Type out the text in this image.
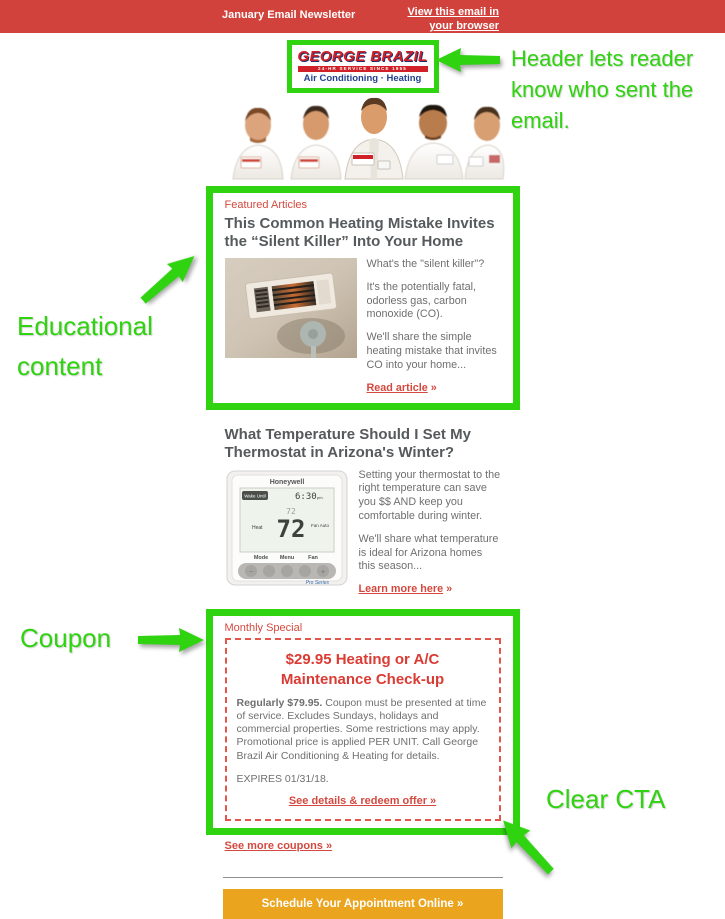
January Email Newsletter	View this email in your browser
GEORGE BRAZIL
24-HR SERVICE SINCE 1955
Air Conditioning · Heating
Featured Articles
This Common Heating Mistake Invites the “Silent Killer” Into Your Home

What's the "silent killer"?

It's the potentially fatal, odorless gas, carbon monoxide (CO).

We'll share the simple heating mistake that invites CO into your home...

Read article »
What Temperature Should I Set My Thermostat in Arizona's Winter?
Honeywell
Wake Until	6:30 pm
72
72
Heat	Fan Auto
Mode Menu	Fan
−	+
Pro Series

Setting your thermostat to the right temperature can save you $$ AND keep you comfortable during winter.

We'll share what temperature is ideal for Arizona homes this season...

Learn more here »
Monthly Special
$29.95 Heating or A/C
Maintenance Check-up
Regularly $79.95. Coupon must be presented at time of service. Excludes Sundays, holidays and commercial properties. Some restrictions may apply. Promotional price is applied PER UNIT. Call George Brazil Air Conditioning & Heating for details.
EXPIRES 01/31/18.
See details & redeem offer »
See more coupons »
Schedule Your Appointment Online »
Header lets reader know who sent the email.
Educational content
Coupon
Clear CTA
